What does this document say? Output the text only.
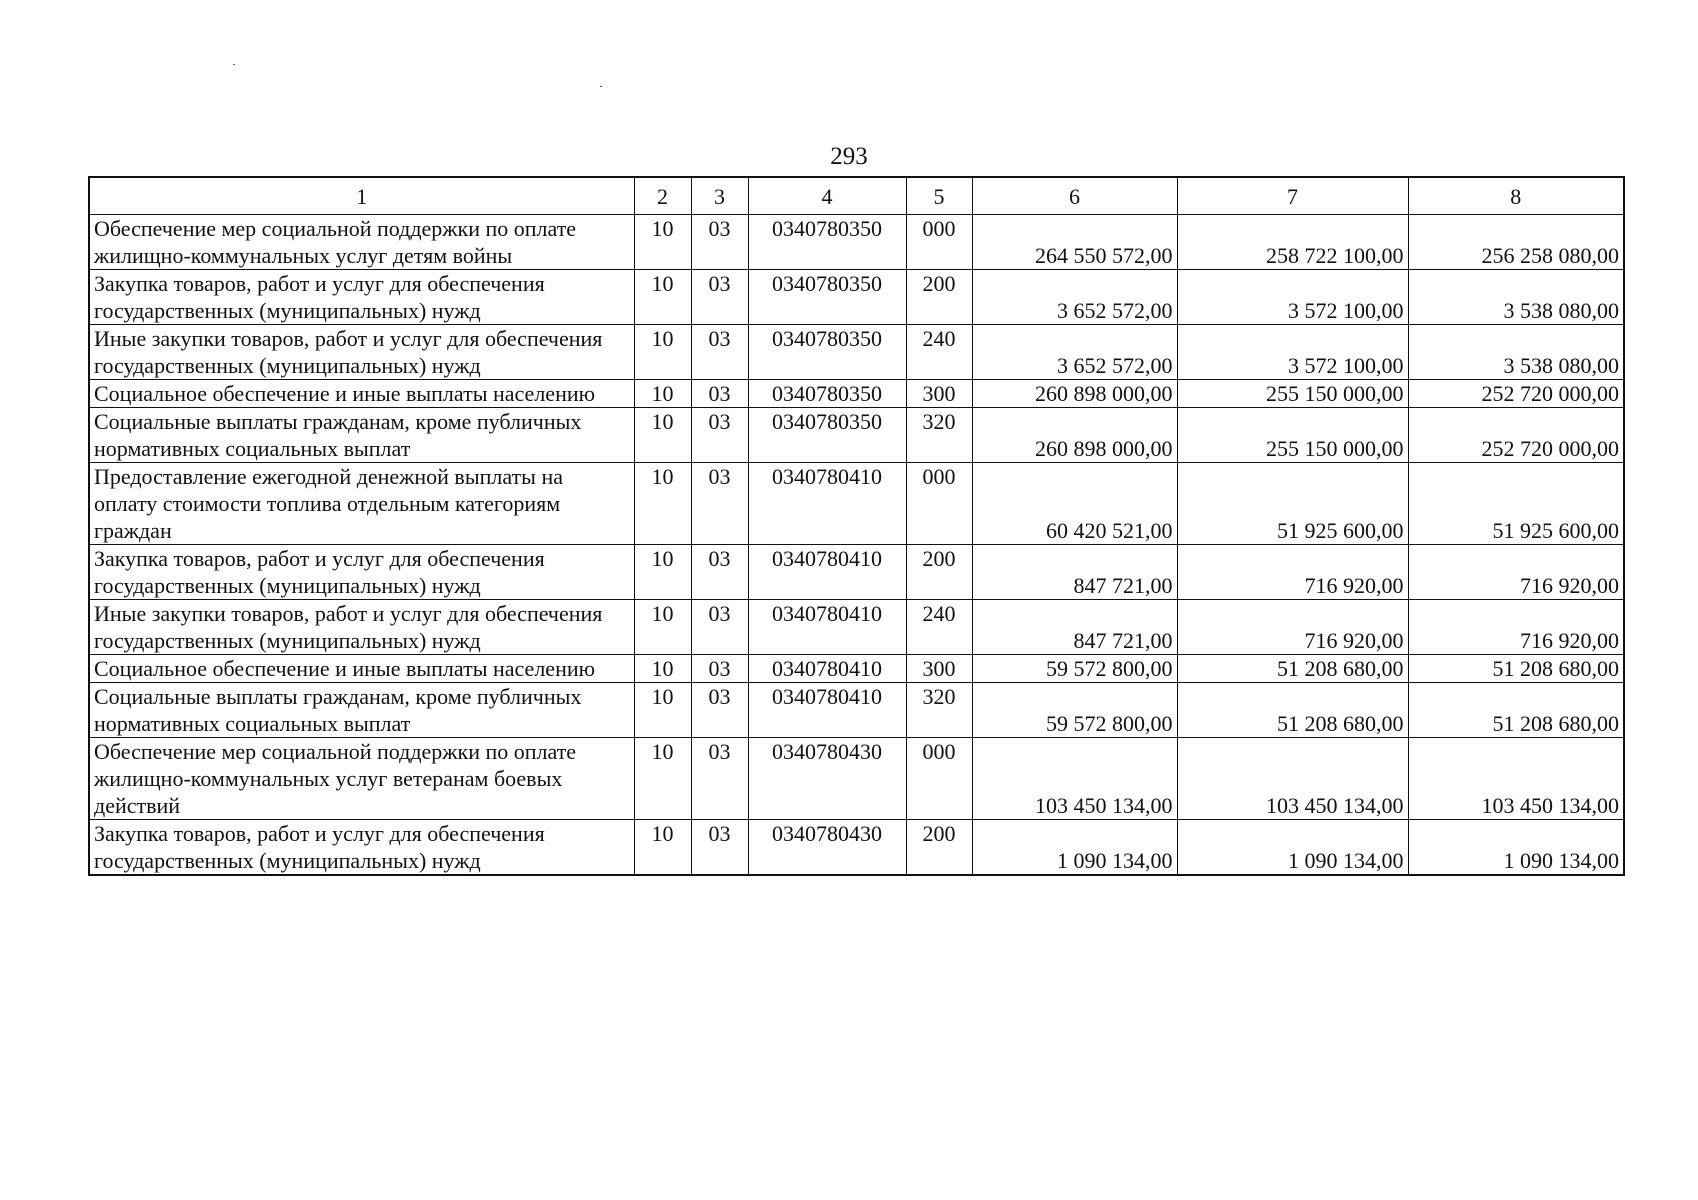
293
1	2	3	4	5	6	7	8
Обеспечение мер социальной поддержки по оплате жилищно-коммунальных услуг детям войны	10	03	0340780350	000	264 550 572,00	258 722 100,00	256 258 080,00
Закупка товаров, работ и услуг для обеспечения государственных (муниципальных) нужд	10	03	0340780350	200	3 652 572,00	3 572 100,00	3 538 080,00
Иные закупки товаров, работ и услуг для обеспечения государственных (муниципальных) нужд	10	03	0340780350	240	3 652 572,00	3 572 100,00	3 538 080,00
Социальное обеспечение и иные выплаты населению	10	03	0340780350	300	260 898 000,00	255 150 000,00	252 720 000,00
Социальные выплаты гражданам, кроме публичных нормативных социальных выплат	10	03	0340780350	320	260 898 000,00	255 150 000,00	252 720 000,00
Предоставление ежегодной денежной выплаты на оплату стоимости топлива отдельным категориям граждан	10	03	0340780410	000	60 420 521,00	51 925 600,00	51 925 600,00
Закупка товаров, работ и услуг для обеспечения государственных (муниципальных) нужд	10	03	0340780410	200	847 721,00	716 920,00	716 920,00
Иные закупки товаров, работ и услуг для обеспечения государственных (муниципальных) нужд	10	03	0340780410	240	847 721,00	716 920,00	716 920,00
Социальное обеспечение и иные выплаты населению	10	03	0340780410	300	59 572 800,00	51 208 680,00	51 208 680,00
Социальные выплаты гражданам, кроме публичных нормативных социальных выплат	10	03	0340780410	320	59 572 800,00	51 208 680,00	51 208 680,00
Обеспечение мер социальной поддержки по оплате жилищно-коммунальных услуг ветеранам боевых действий	10	03	0340780430	000	103 450 134,00	103 450 134,00	103 450 134,00
Закупка товаров, работ и услуг для обеспечения государственных (муниципальных) нужд	10	03	0340780430	200	1 090 134,00	1 090 134,00	1 090 134,00
